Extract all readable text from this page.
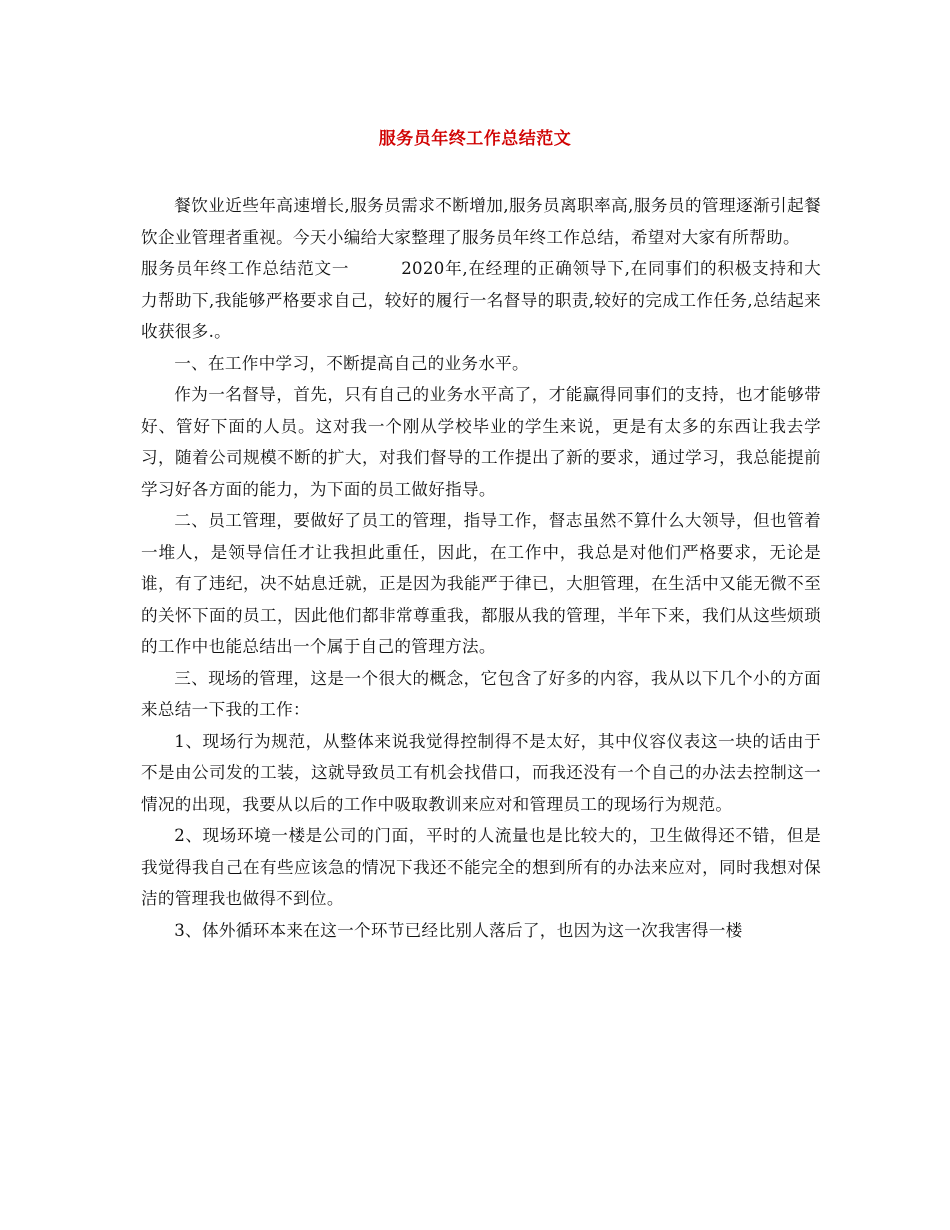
服务员年终工作总结范文

餐饮业近些年高速增长,服务员需求不断增加,服务员离职率高,服务员的管理逐渐引起餐饮企业管理者重视。今天小编给大家整理了服务员年终工作总结，希望对大家有所帮助。

服务员年终工作总结范文一	2020年,在经理的正确领导下,在同事们的积极支持和大力帮助下,我能够严格要求自己，较好的履行一名督导的职责,较好的完成工作任务,总结起来收获很多.。

一、在工作中学习，不断提高自己的业务水平。

作为一名督导，首先，只有自己的业务水平高了，才能赢得同事们的支持，也才能够带好、管好下面的人员。这对我一个刚从学校毕业的学生来说，更是有太多的东西让我去学习，随着公司规模不断的扩大，对我们督导的工作提出了新的要求，通过学习，我总能提前学习好各方面的能力，为下面的员工做好指导。

二、员工管理，要做好了员工的管理，指导工作，督志虽然不算什么大领导，但也管着一堆人，是领导信任才让我担此重任，因此，在工作中，我总是对他们严格要求，无论是谁，有了违纪，决不姑息迁就，正是因为我能严于律已，大胆管理，在生活中又能无微不至的关怀下面的员工，因此他们都非常尊重我，都服从我的管理，半年下来，我们从这些烦琐的工作中也能总结出一个属于自己的管理方法。

三、现场的管理，这是一个很大的概念，它包含了好多的内容，我从以下几个小的方面来总结一下我的工作：

1、现场行为规范，从整体来说我觉得控制得不是太好，其中仪容仪表这一块的话由于不是由公司发的工装，这就导致员工有机会找借口，而我还没有一个自己的办法去控制这一情况的出现，我要从以后的工作中吸取教训来应对和管理员工的现场行为规范。

2、现场环境一楼是公司的门面，平时的人流量也是比较大的，卫生做得还不错，但是我觉得我自己在有些应该急的情况下我还不能完全的想到所有的办法来应对，同时我想对保洁的管理我也做得不到位。

3、体外循环本来在这一个环节已经比别人落后了，也因为这一次我害得一楼
